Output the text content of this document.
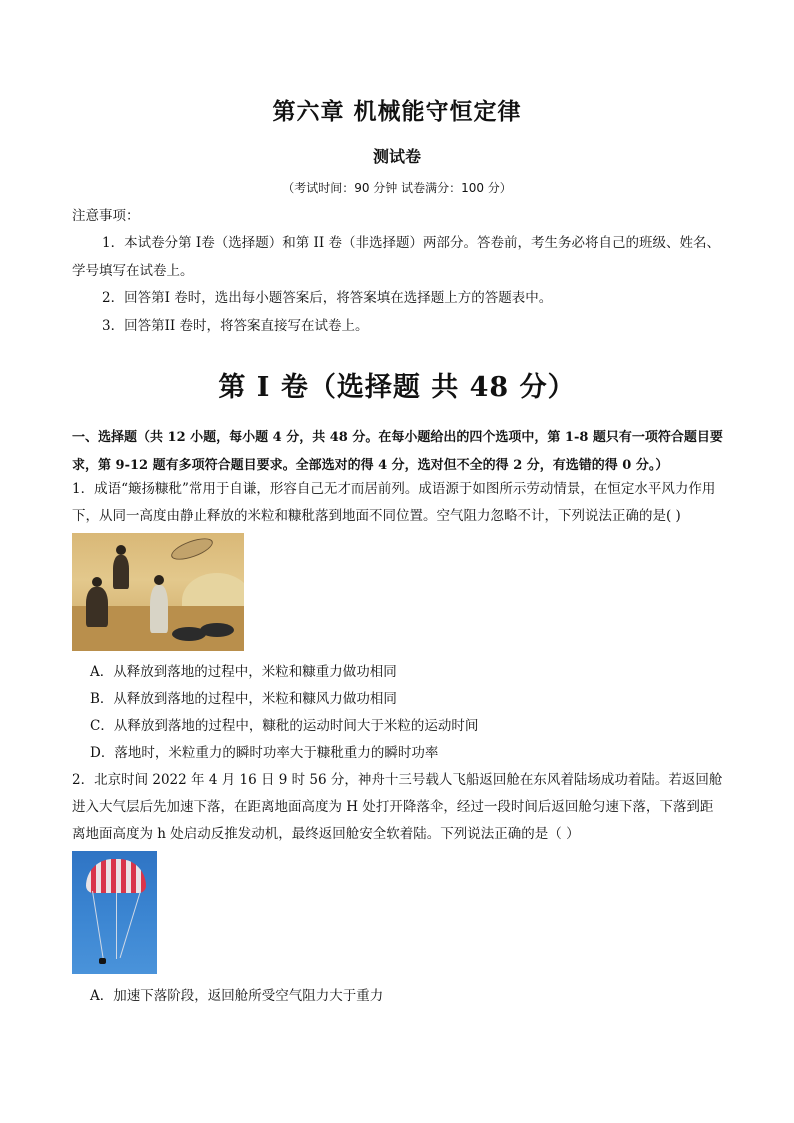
第六章 机械能守恒定律
测试卷
（考试时间：90 分钟 试卷满分：100 分）
注意事项：
1．本试卷分第 I卷（选择题）和第 II 卷（非选择题）两部分。答卷前，考生务必将自己的班级、姓名、
学号填写在试卷上。
2．回答第I 卷时，选出每小题答案后，将答案填在选择题上方的答题表中。
3．回答第II 卷时，将答案直接写在试卷上。
第 I 卷（选择题 共 48 分）
一、选择题（共 12 小题，每小题 4 分，共 48 分。在每小题给出的四个选项中，第 1-8 题只有一项符合题目要求，第 9-12 题有多项符合题目要求。全部选对的得 4 分，选对但不全的得 2 分，有选错的得 0 分。）
1．成语“簸扬糠秕”常用于自谦，形容自己无才而居前列。成语源于如图所示劳动情景，在恒定水平风力作用下，从同一高度由静止释放的米粒和糠秕落到地面不同位置。空气阻力忽略不计，下列说法正确的是( )
A．从释放到落地的过程中，米粒和糠重力做功相同
B．从释放到落地的过程中，米粒和糠风力做功相同
C．从释放到落地的过程中，糠秕的运动时间大于米粒的运动时间
D．落地时，米粒重力的瞬时功率大于糠秕重力的瞬时功率
2．北京时间 2022 年 4 月 16 日 9 时 56 分，神舟十三号载人飞船返回舱在东风着陆场成功着陆。若返回舱进入大气层后先加速下落，在距离地面高度为 H 处打开降落伞，经过一段时间后返回舱匀速下落，下落到距离地面高度为 h 处启动反推发动机，最终返回舱安全软着陆。下列说法正确的是（ ）
A．加速下落阶段，返回舱所受空气阻力大于重力
